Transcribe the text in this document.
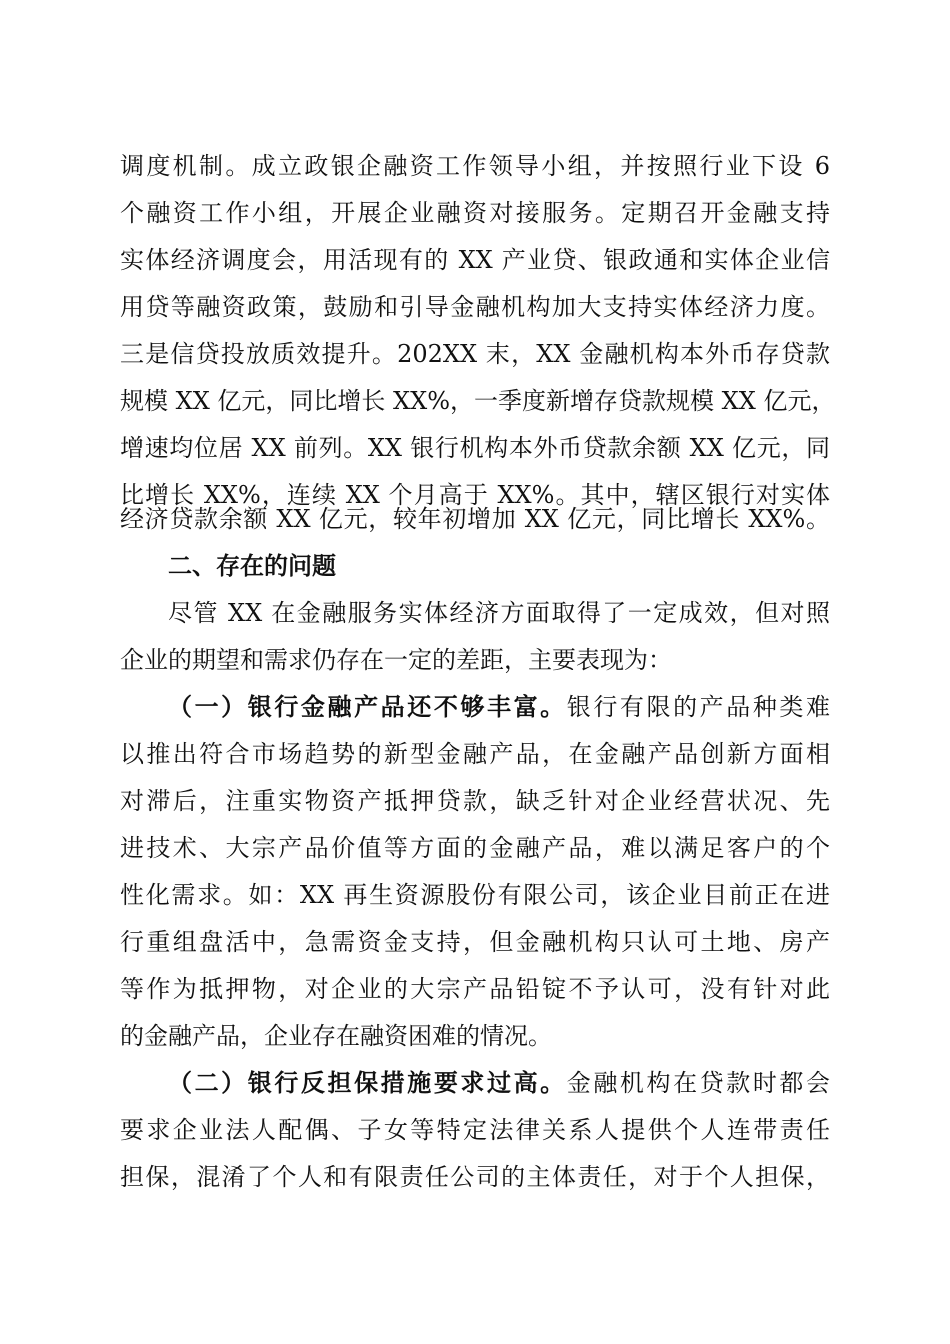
调度机制。成立政银企融资工作领导小组，并按照行业下设 6
个融资工作小组，开展企业融资对接服务。定期召开金融支持
实体经济调度会，用活现有的 XX 产业贷、银政通和实体企业信
用贷等融资政策，鼓励和引导金融机构加大支持实体经济力度。
三是信贷投放质效提升。202XX 末，XX 金融机构本外币存贷款
规模 XX 亿元，同比增长 XX%，一季度新增存贷款规模 XX 亿元，
增速均位居 XX 前列。XX 银行机构本外币贷款余额 XX 亿元，同
比增长 XX%，连续 XX 个月高于 XX%。其中，辖区银行对实体
经济贷款余额 XX 亿元，较年初增加 XX 亿元，同比增长 XX%。
二、存在的问题
尽管 XX 在金融服务实体经济方面取得了一定成效，但对照
企业的期望和需求仍存在一定的差距，主要表现为：
（一）银行金融产品还不够丰富。银行有限的产品种类难
以推出符合市场趋势的新型金融产品，在金融产品创新方面相
对滞后，注重实物资产抵押贷款，缺乏针对企业经营状况、先
进技术、大宗产品价值等方面的金融产品，难以满足客户的个
性化需求。如：XX 再生资源股份有限公司，该企业目前正在进
行重组盘活中，急需资金支持，但金融机构只认可土地、房产
等作为抵押物，对企业的大宗产品铅锭不予认可，没有针对此
的金融产品，企业存在融资困难的情况。
（二）银行反担保措施要求过高。金融机构在贷款时都会
要求企业法人配偶、子女等特定法律关系人提供个人连带责任
担保，混淆了个人和有限责任公司的主体责任，对于个人担保，
